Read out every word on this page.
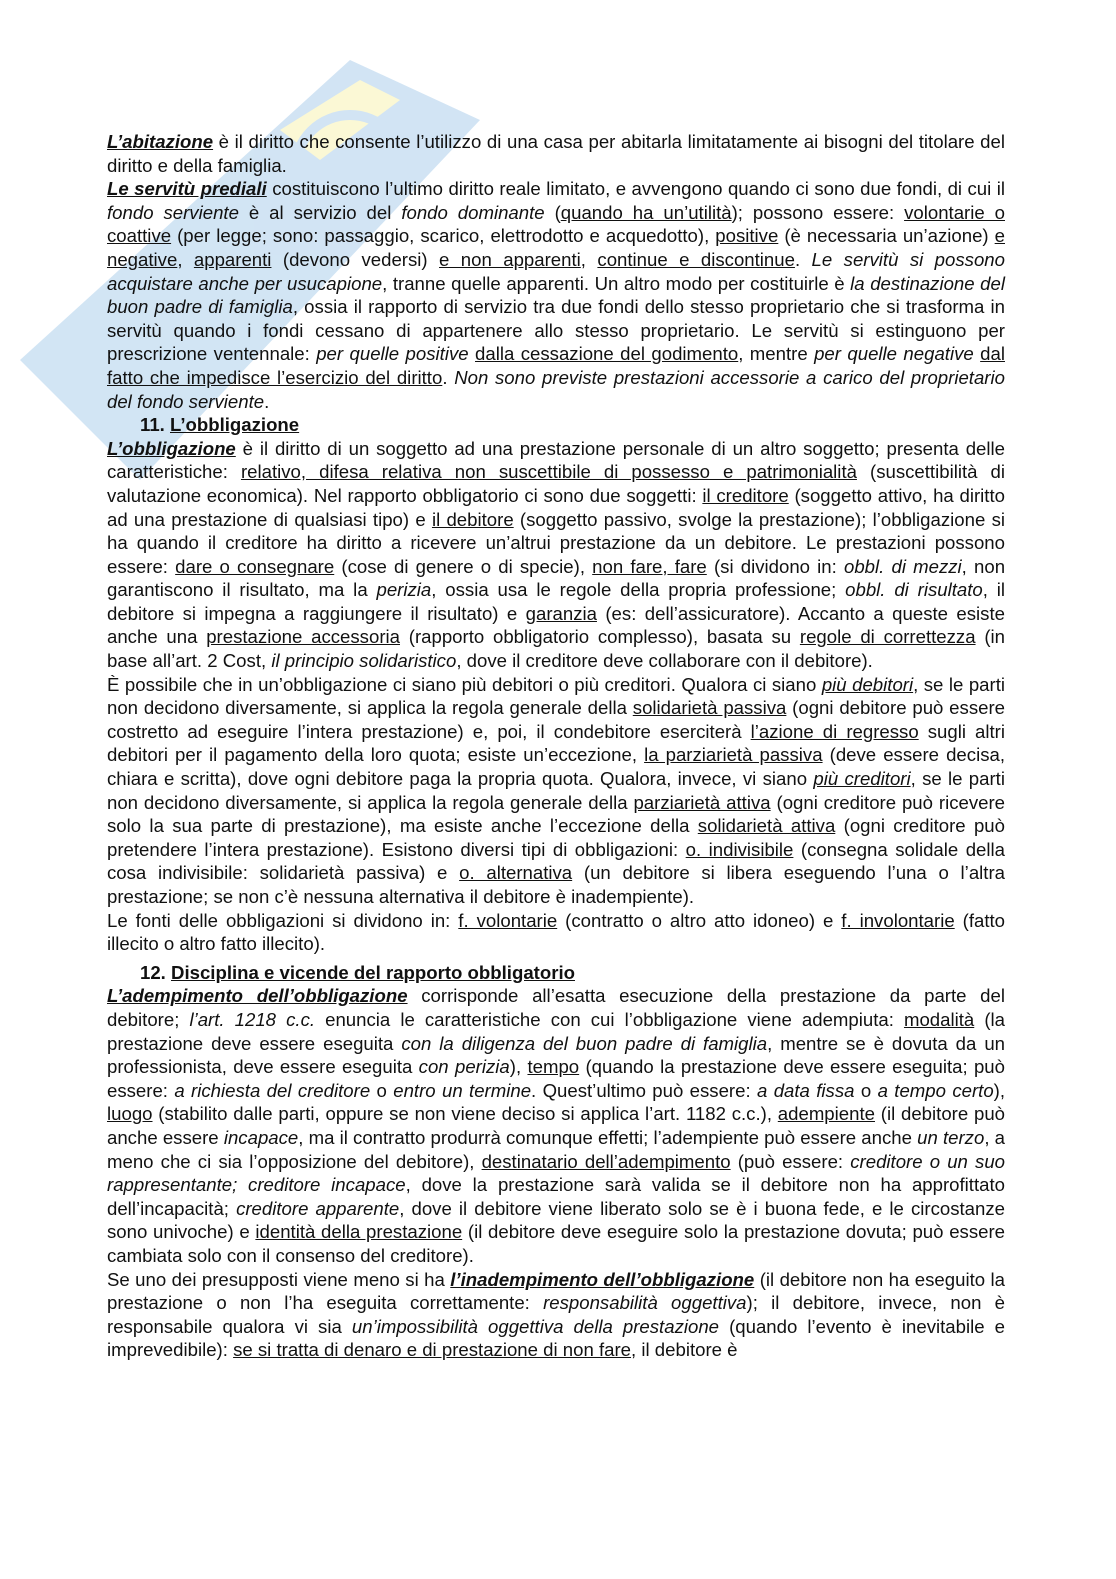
L’abitazione è il diritto che consente l’utilizzo di una casa per abitarla limitatamente ai bisogni del titolare del diritto e della famiglia.

Le servitù prediali costituiscono l’ultimo diritto reale limitato, e avvengono quando ci sono due fondi, di cui il fondo serviente è al servizio del fondo dominante (quando ha un’utilità); possono essere: volontarie o coattive (per legge; sono: passaggio, scarico, elettrodotto e acquedotto), positive (è necessaria un’azione) e negative, apparenti (devono vedersi) e non apparenti, continue e discontinue. Le servitù si possono acquistare anche per usucapione, tranne quelle apparenti. Un altro modo per costituirle è la destinazione del buon padre di famiglia, ossia il rapporto di servizio tra due fondi dello stesso proprietario che si trasforma in servitù quando i fondi cessano di appartenere allo stesso proprietario. Le servitù si estinguono per prescrizione ventennale: per quelle positive dalla cessazione del godimento, mentre per quelle negative dal fatto che impedisce l’esercizio del diritto. Non sono previste prestazioni accessorie a carico del proprietario del fondo serviente.

11. L’obbligazione

L’obbligazione è il diritto di un soggetto ad una prestazione personale di un altro soggetto; presenta delle caratteristiche: relativo, difesa relativa non suscettibile di possesso e patrimonialità (suscettibilità di valutazione economica). Nel rapporto obbligatorio ci sono due soggetti: il creditore (soggetto attivo, ha diritto ad una prestazione di qualsiasi tipo) e il debitore (soggetto passivo, svolge la prestazione); l’obbligazione si ha quando il creditore ha diritto a ricevere un’altrui prestazione da un debitore. Le prestazioni possono essere: dare o consegnare (cose di genere o di specie), non fare, fare (si dividono in: obbl. di mezzi, non garantiscono il risultato, ma la perizia, ossia usa le regole della propria professione; obbl. di risultato, il debitore si impegna a raggiungere il risultato) e garanzia (es: dell’assicuratore). Accanto a queste esiste anche una prestazione accessoria (rapporto obbligatorio complesso), basata su regole di correttezza (in base all’art. 2 Cost, il principio solidaristico, dove il creditore deve collaborare con il debitore).

È possibile che in un’obbligazione ci siano più debitori o più creditori. Qualora ci siano più debitori, se le parti non decidono diversamente, si applica la regola generale della solidarietà passiva (ogni debitore può essere costretto ad eseguire l’intera prestazione) e, poi, il condebitore eserciterà l’azione di regresso sugli altri debitori per il pagamento della loro quota; esiste un’eccezione, la parziarietà passiva (deve essere decisa, chiara e scritta), dove ogni debitore paga la propria quota. Qualora, invece, vi siano più creditori, se le parti non decidono diversamente, si applica la regola generale della parziarietà attiva (ogni creditore può ricevere solo la sua parte di prestazione), ma esiste anche l’eccezione della solidarietà attiva (ogni creditore può pretendere l’intera prestazione). Esistono diversi tipi di obbligazioni: o. indivisibile (consegna solidale della cosa indivisibile: solidarietà passiva) e o. alternativa (un debitore si libera eseguendo l’una o l’altra prestazione; se non c’è nessuna alternativa il debitore è inadempiente).

Le fonti delle obbligazioni si dividono in: f. volontarie (contratto o altro atto idoneo) e f. involontarie (fatto illecito o altro fatto illecito).

12. Disciplina e vicende del rapporto obbligatorio

L’adempimento dell’obbligazione corrisponde all’esatta esecuzione della prestazione da parte del debitore; l’art. 1218 c.c. enuncia le caratteristiche con cui l’obbligazione viene adempiuta: modalità (la prestazione deve essere eseguita con la diligenza del buon padre di famiglia, mentre se è dovuta da un professionista, deve essere eseguita con perizia), tempo (quando la prestazione deve essere eseguita; può essere: a richiesta del creditore o entro un termine. Quest’ultimo può essere: a data fissa o a tempo certo), luogo (stabilito dalle parti, oppure se non viene deciso si applica l’art. 1182 c.c.), adempiente (il debitore può anche essere incapace, ma il contratto produrrà comunque effetti; l’adempiente può essere anche un terzo, a meno che ci sia l’opposizione del debitore), destinatario dell’adempimento (può essere: creditore o un suo rappresentante; creditore incapace, dove la prestazione sarà valida se il debitore non ha approfittato dell’incapacità; creditore apparente, dove il debitore viene liberato solo se è i buona fede, e le circostanze sono univoche) e identità della prestazione (il debitore deve eseguire solo la prestazione dovuta; può essere cambiata solo con il consenso del creditore).

Se uno dei presupposti viene meno si ha l’inadempimento dell’obbligazione (il debitore non ha eseguito la prestazione o non l’ha eseguita correttamente: responsabilità oggettiva); il debitore, invece, non è responsabile qualora vi sia un’impossibilità oggettiva della prestazione (quando l’evento è inevitabile e imprevedibile): se si tratta di denaro e di prestazione di non fare, il debitore è
